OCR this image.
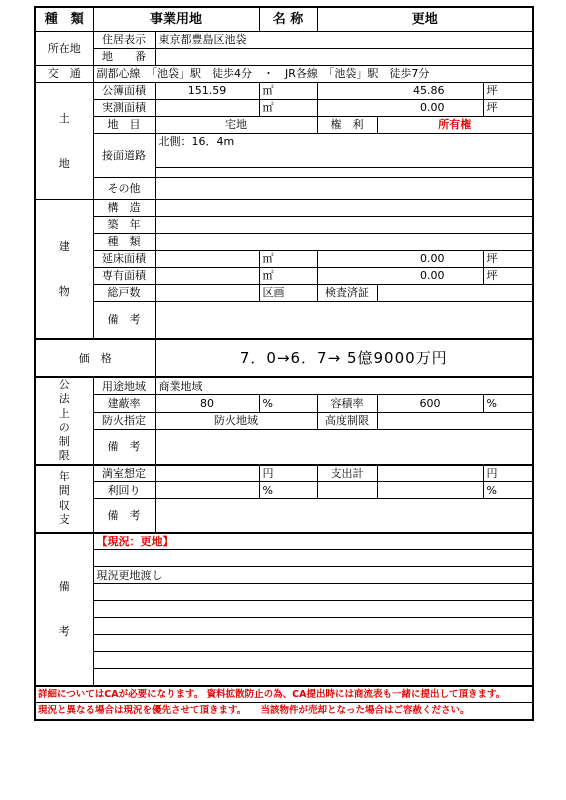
種　類	事業用地		名 称	更地		
所在地	住居表示	東京都豊島区池袋				
	地　　番					
交　通	副都心線　「池袋」駅　徒歩4分　・　JR各線　「池袋」駅　徒歩7分					

土
地	公簿面積	151.59	㎡	45.86		坪
	実測面積		㎡	0.00		坪
	地　目	宅地		権　利	所有権	
	接面道路	北側：16．4m				

	その他					

建
物	構　造					
	築　年					
	種　類					
	延床面積		㎡	0.00		坪
	専有面積		㎡	0.00		坪
	総戸数		区画	検査済証		
	備　考					
価　格		7．0→6．7→ 5億9000万円				

公法上の制限	用途地域	商業地域				
	建蔽率	80	%	容積率	600	%
	防火指定	防火地域		高度制限		
	備　考					

年間収支	満室想定		円	支出計		円
	利回り		%			%
	備　考					

備
考	【現況：更地】					

	現況更地渡し					

詳細についてはCAが必要になります。 資料拡散防止の為、CA提出時には商流表も一緒に提出して頂きます。						
現況と異なる場合は現況を優先させて頂きます。　　当該物件が売却となった場合はご容赦ください。						
